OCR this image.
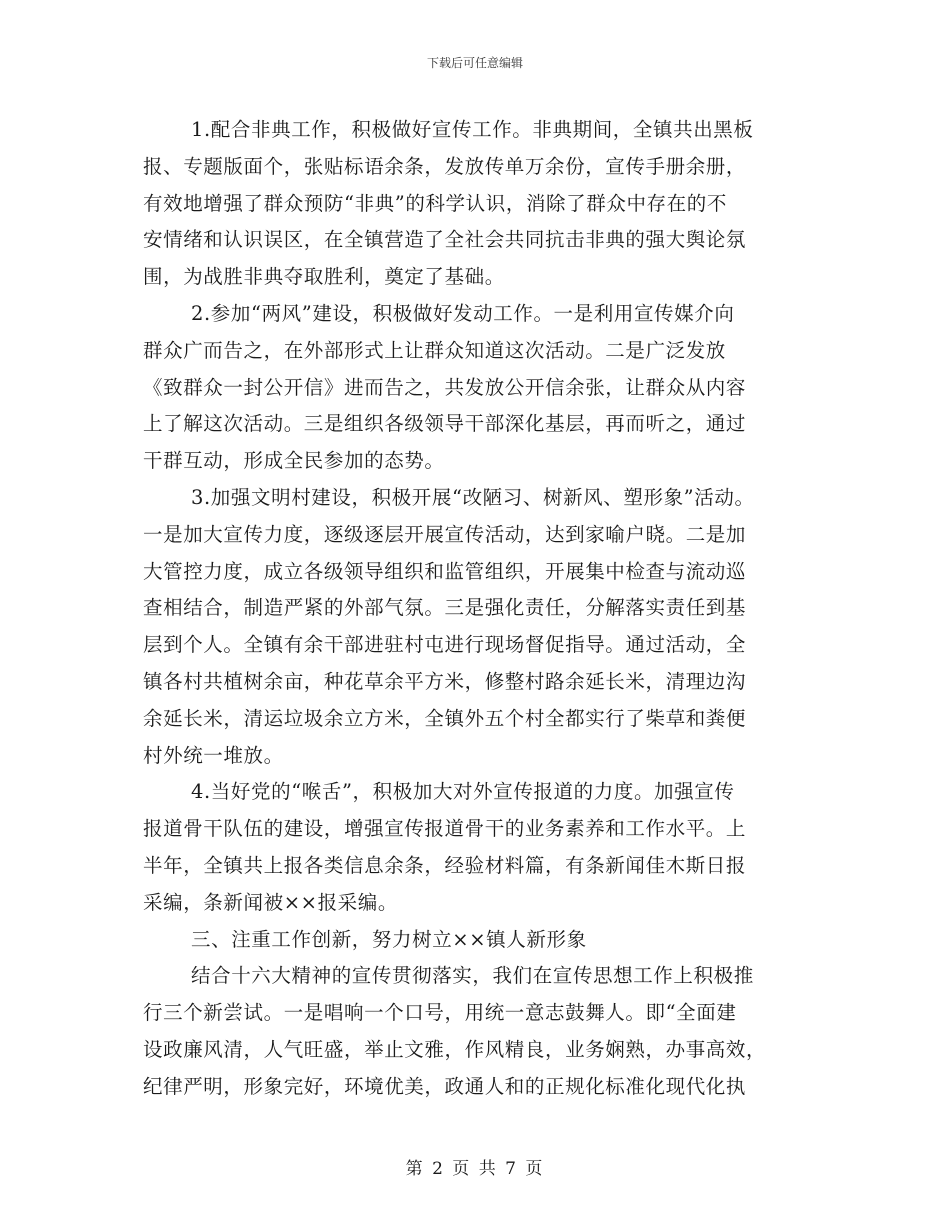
下载后可任意编辑
1.配合非典工作，积极做好宣传工作。非典期间，全镇共出黑板
报、专题版面个，张贴标语余条，发放传单万余份，宣传手册余册，
有效地增强了群众预防“非典”的科学认识，消除了群众中存在的不
安情绪和认识误区，在全镇营造了全社会共同抗击非典的强大舆论氛
围，为战胜非典夺取胜利，奠定了基础。
2.参加“两风”建设，积极做好发动工作。一是利用宣传媒介向
群众广而告之，在外部形式上让群众知道这次活动。二是广泛发放
《致群众一封公开信》进而告之，共发放公开信余张，让群众从内容
上了解这次活动。三是组织各级领导干部深化基层，再而听之，通过
干群互动，形成全民参加的态势。
3.加强文明村建设，积极开展“改陋习、树新风、塑形象”活动。
一是加大宣传力度，逐级逐层开展宣传活动，达到家喻户晓。二是加
大管控力度，成立各级领导组织和监管组织，开展集中检查与流动巡
查相结合，制造严紧的外部气氛。三是强化责任，分解落实责任到基
层到个人。全镇有余干部进驻村屯进行现场督促指导。通过活动，全
镇各村共植树余亩，种花草余平方米，修整村路余延长米，清理边沟
余延长米，清运垃圾余立方米，全镇外五个村全都实行了柴草和粪便
村外统一堆放。
4.当好党的“喉舌”，积极加大对外宣传报道的力度。加强宣传
报道骨干队伍的建设，增强宣传报道骨干的业务素养和工作水平。上
半年，全镇共上报各类信息余条，经验材料篇，有条新闻佳木斯日报
采编，条新闻被××报采编。
三、注重工作创新，努力树立××镇人新形象
结合十六大精神的宣传贯彻落实，我们在宣传思想工作上积极推
行三个新尝试。一是唱响一个口号，用统一意志鼓舞人。即“全面建
设政廉风清，人气旺盛，举止文雅，作风精良，业务娴熟，办事高效，
纪律严明，形象完好，环境优美，政通人和的正规化标准化现代化执
第 2 页 共 7 页
